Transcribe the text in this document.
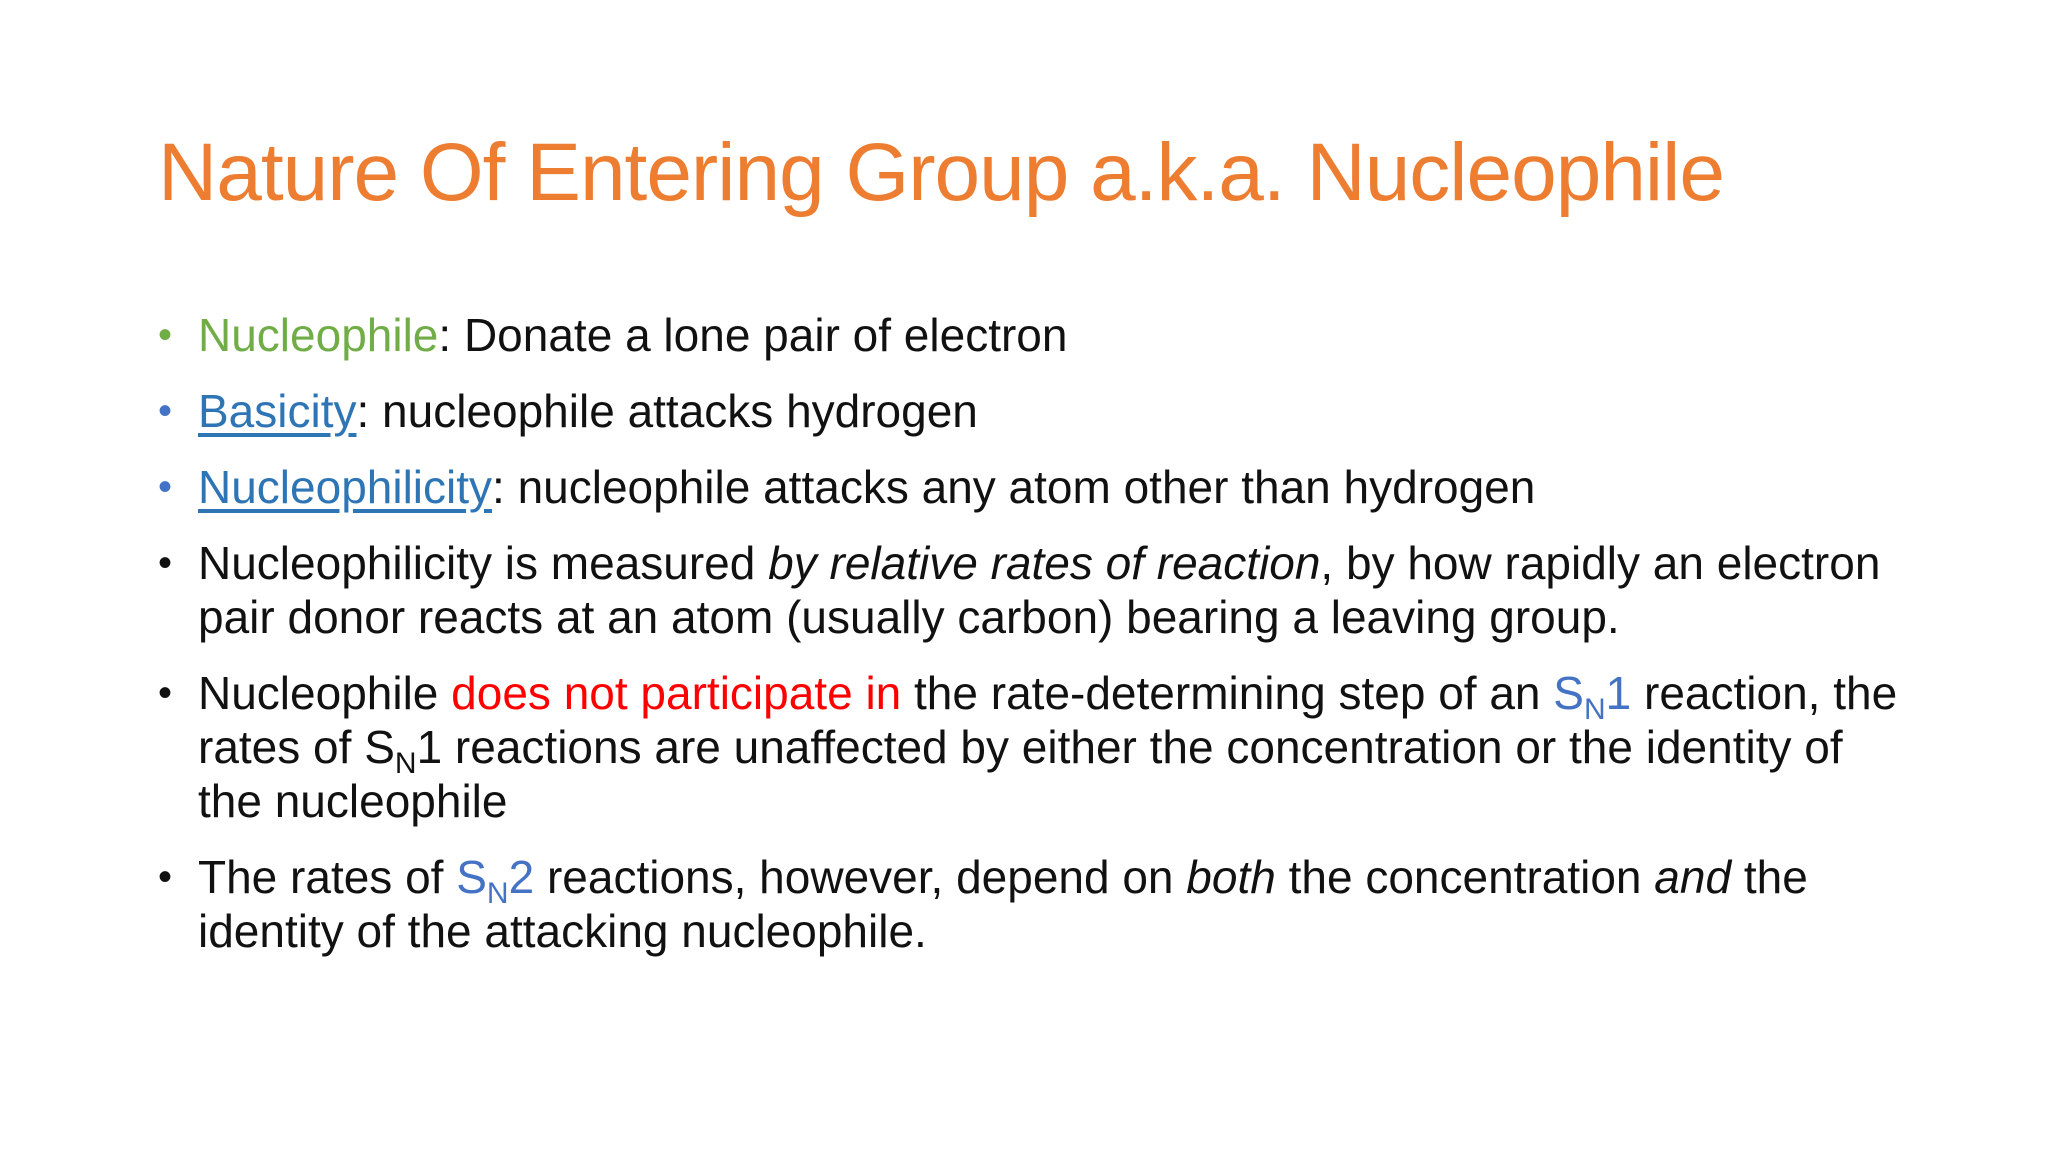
Nature Of Entering Group a.k.a. Nucleophile
• Nucleophile: Donate a lone pair of electron
• Basicity: nucleophile attacks hydrogen
• Nucleophilicity: nucleophile attacks any atom other than hydrogen
• Nucleophilicity is measured by relative rates of reaction, by how rapidly an electron pair donor reacts at an atom (usually carbon) bearing a leaving group.
• Nucleophile does not participate in the rate-determining step of an $S_N1$ reaction, the rates of $S_N1$ reactions are unaffected by either the concentration or the identity of the nucleophile
• The rates of $S_N2$ reactions, however, depend on both the concentration and the identity of the attacking nucleophile.
